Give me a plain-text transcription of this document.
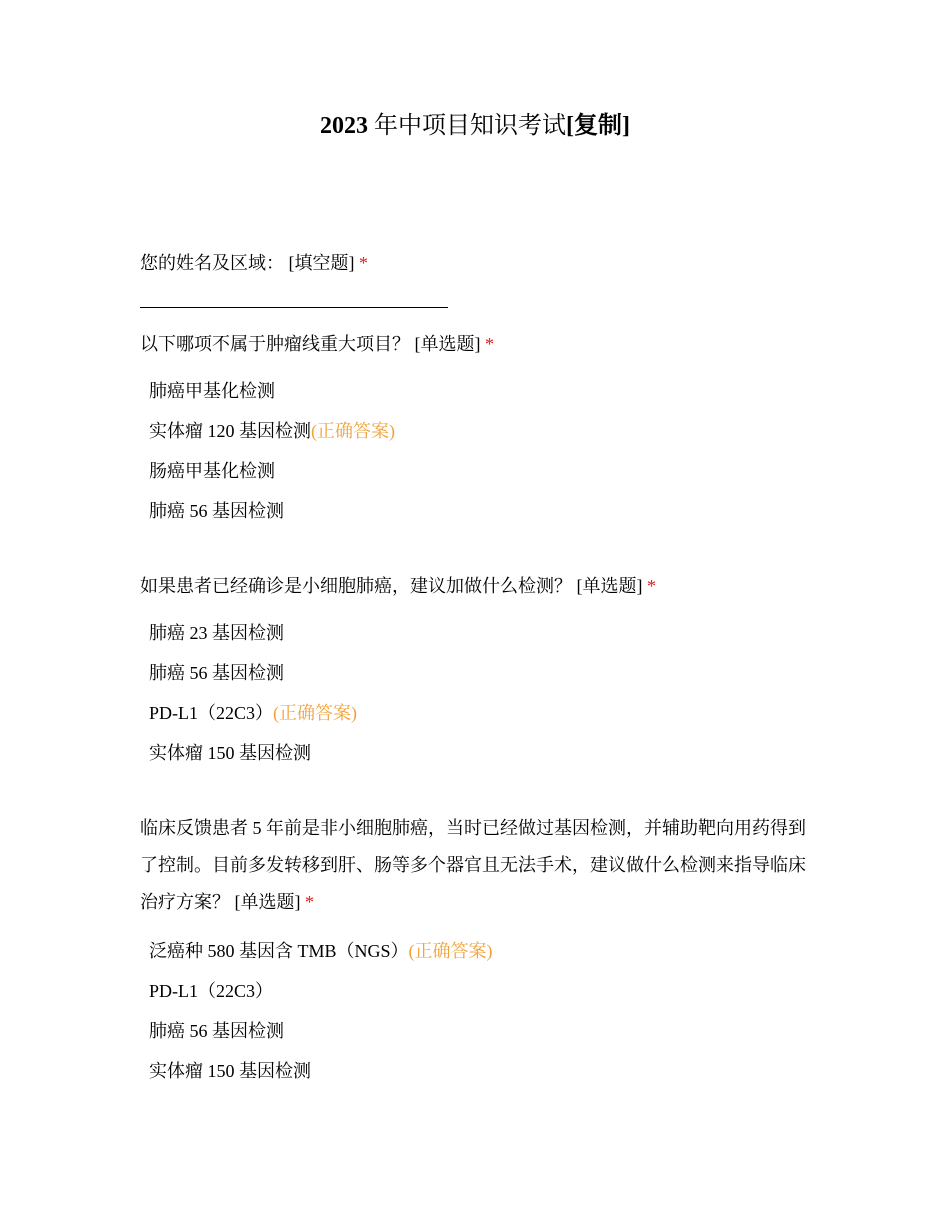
2023 年中项目知识考试[复制]
您的姓名及区域： [填空题] *
以下哪项不属于肿瘤线重大项目？ [单选题] *
肺癌甲基化检测
实体瘤 120 基因检测(正确答案)
肠癌甲基化检测
肺癌 56 基因检测
如果患者已经确诊是小细胞肺癌，建议加做什么检测？ [单选题] *
肺癌 23 基因检测
肺癌 56 基因检测
PD-L1（22C3）(正确答案)
实体瘤 150 基因检测
临床反馈患者 5 年前是非小细胞肺癌，当时已经做过基因检测，并辅助靶向用药得到了控制。目前多发转移到肝、肠等多个器官且无法手术，建议做什么检测来指导临床治疗方案？ [单选题] *
泛癌种 580 基因含 TMB（NGS）(正确答案)
PD-L1（22C3）
肺癌 56 基因检测
实体瘤 150 基因检测
